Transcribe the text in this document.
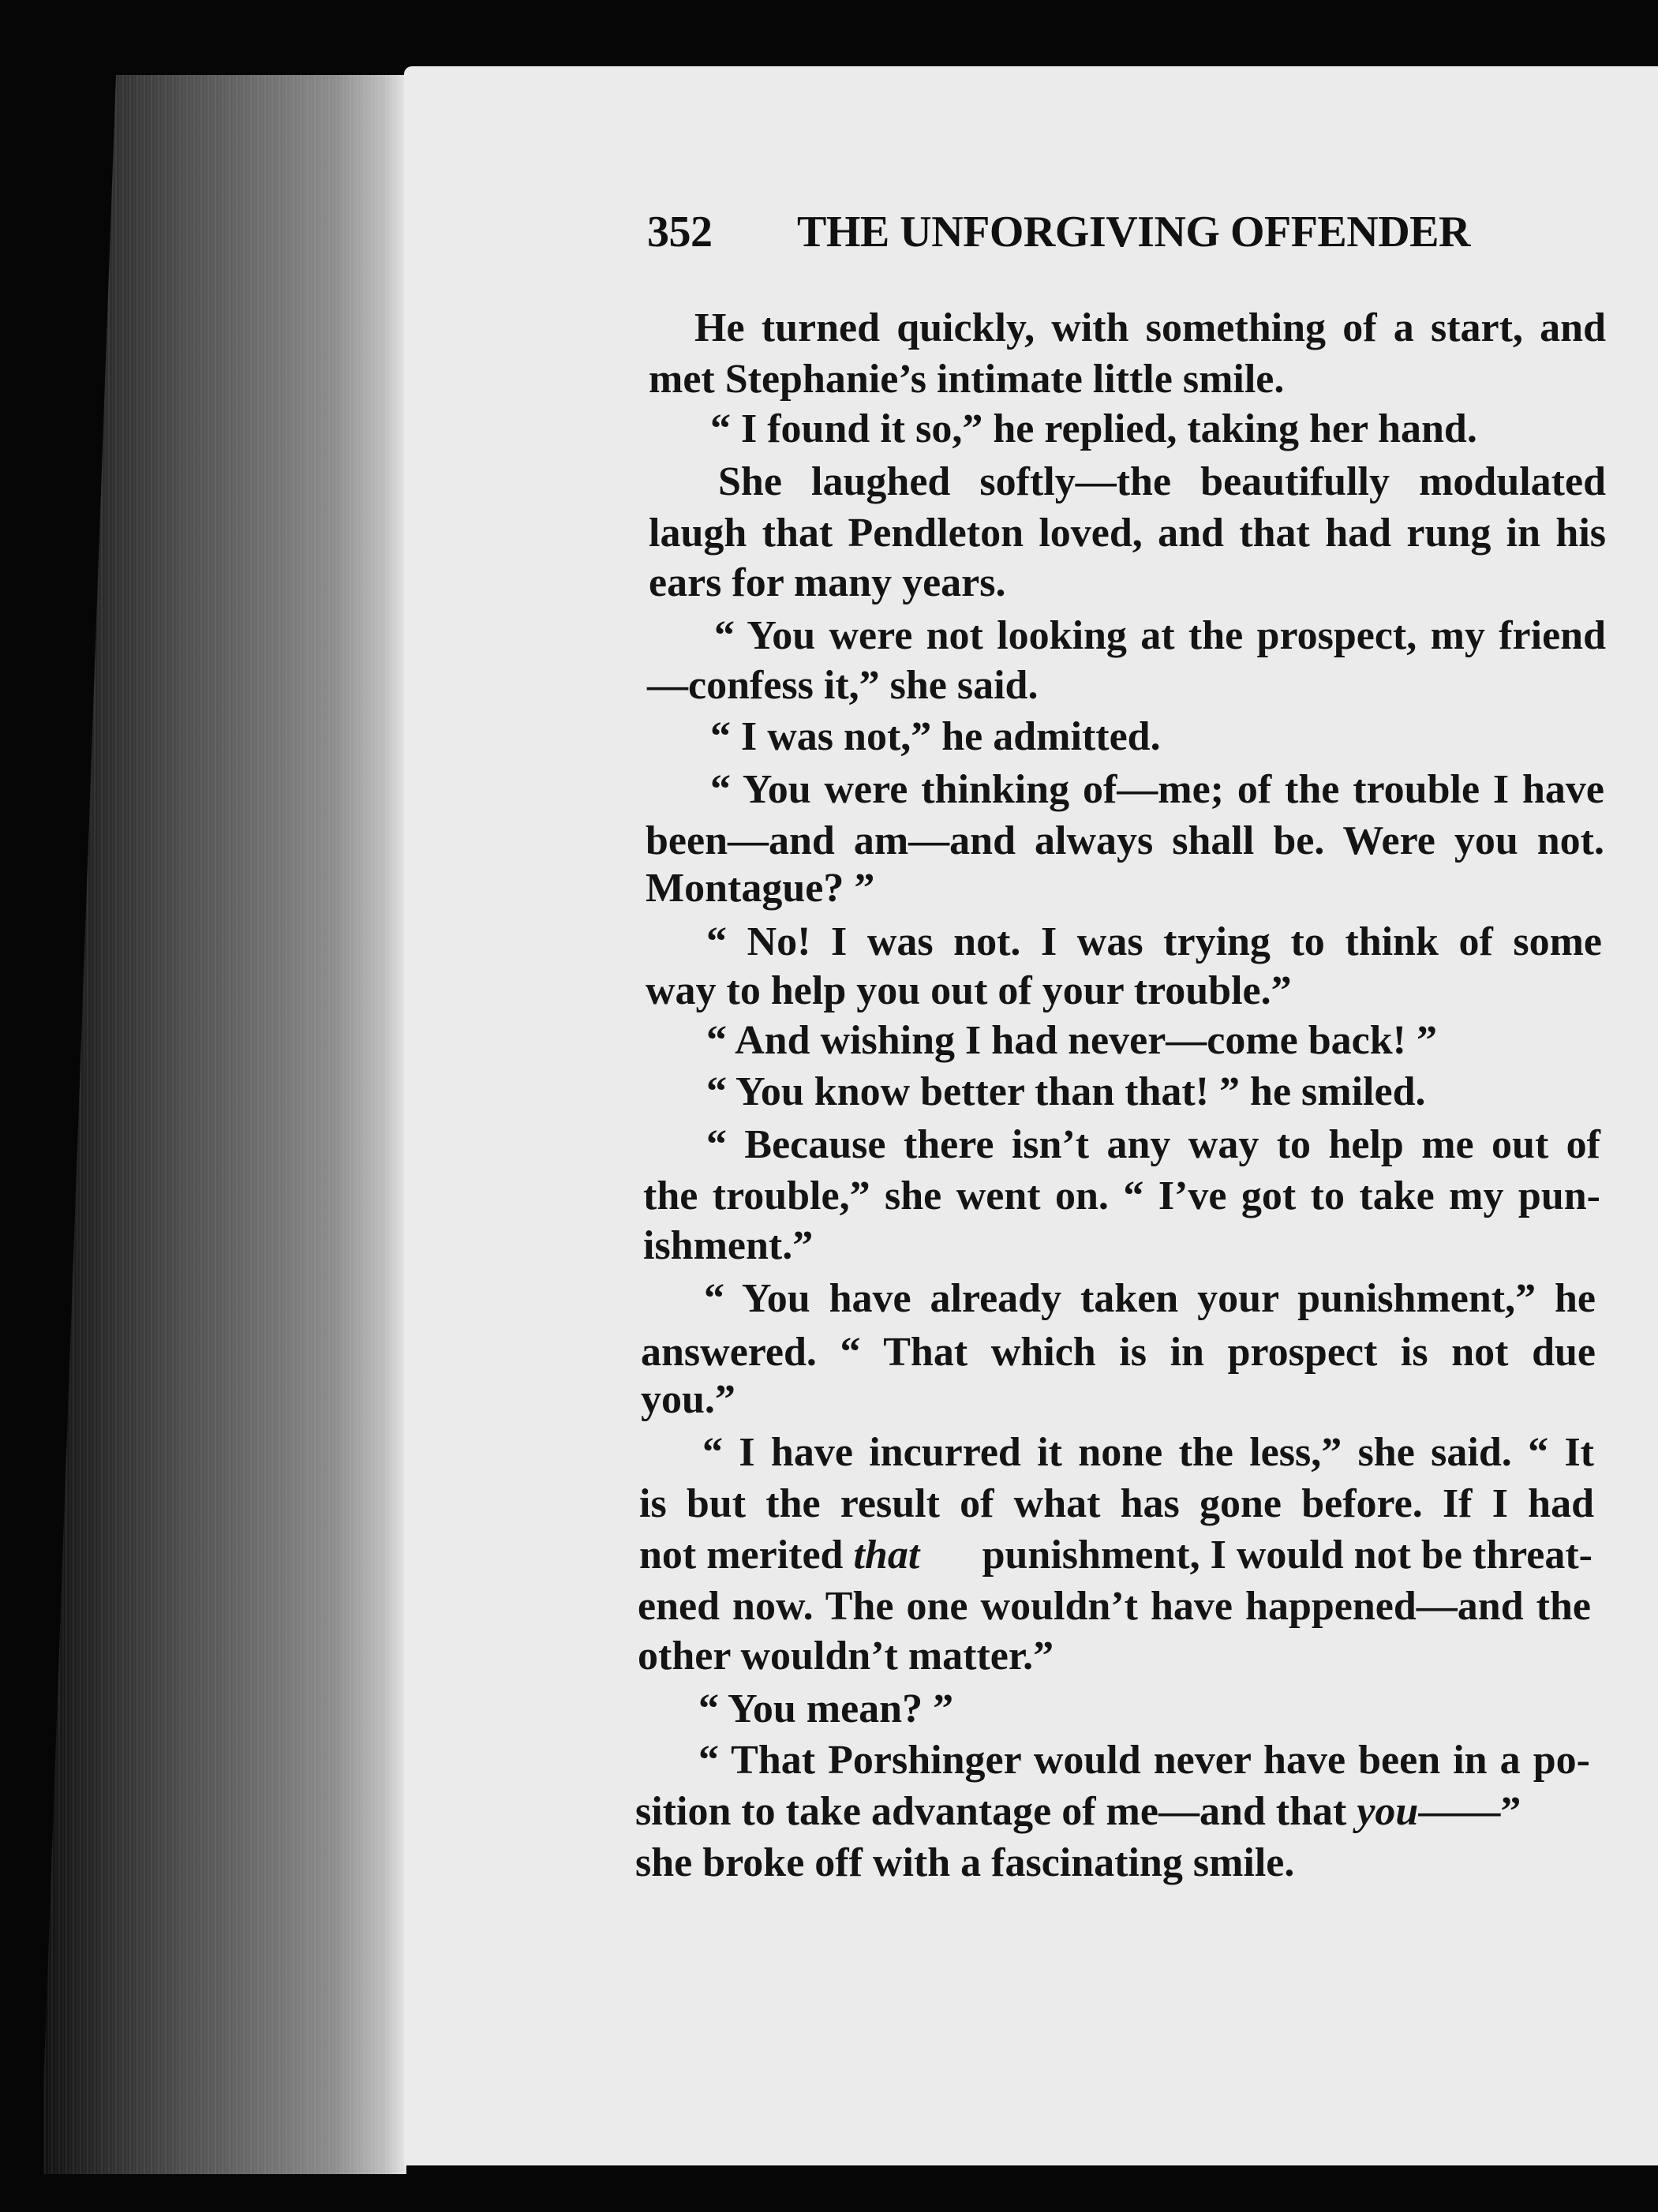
352 THE UNFORGIVING OFFENDER
He turned quickly, with something of a start, and
met Stephanie’s intimate little smile.
“ I found it so,” he replied, taking her hand.
She laughed softly—the beautifully modulated
laugh that Pendleton loved, and that had rung in his
ears for many years.
“ You were not looking at the prospect, my friend
—confess it,” she said.
“ I was not,” he admitted.
“ You were thinking of—me; of the trouble I have
been—and am—and always shall be. Were you not.
Montague? ”
“ No! I was not. I was trying to think of some
way to help you out of your trouble.”
“ And wishing I had never—come back! ”
“ You know better than that! ” he smiled.
“ Because there isn’t any way to help me out of
the trouble,” she went on. “ I’ve got to take my pun-
ishment.”
“ You have already taken your punishment,” he
answered. “ That which is in prospect is not due
you.”
“ I have incurred it none the less,” she said. “ It
is but the result of what has gone before. If I had
not merited that	punishment, I would not be threat-
ened now. The one wouldn’t have happened—and the
other wouldn’t matter.”
“ You mean? ”
“ That Porshinger would never have been in a po-
sition to take advantage of me—and that you ——”
she broke off with a fascinating smile.
